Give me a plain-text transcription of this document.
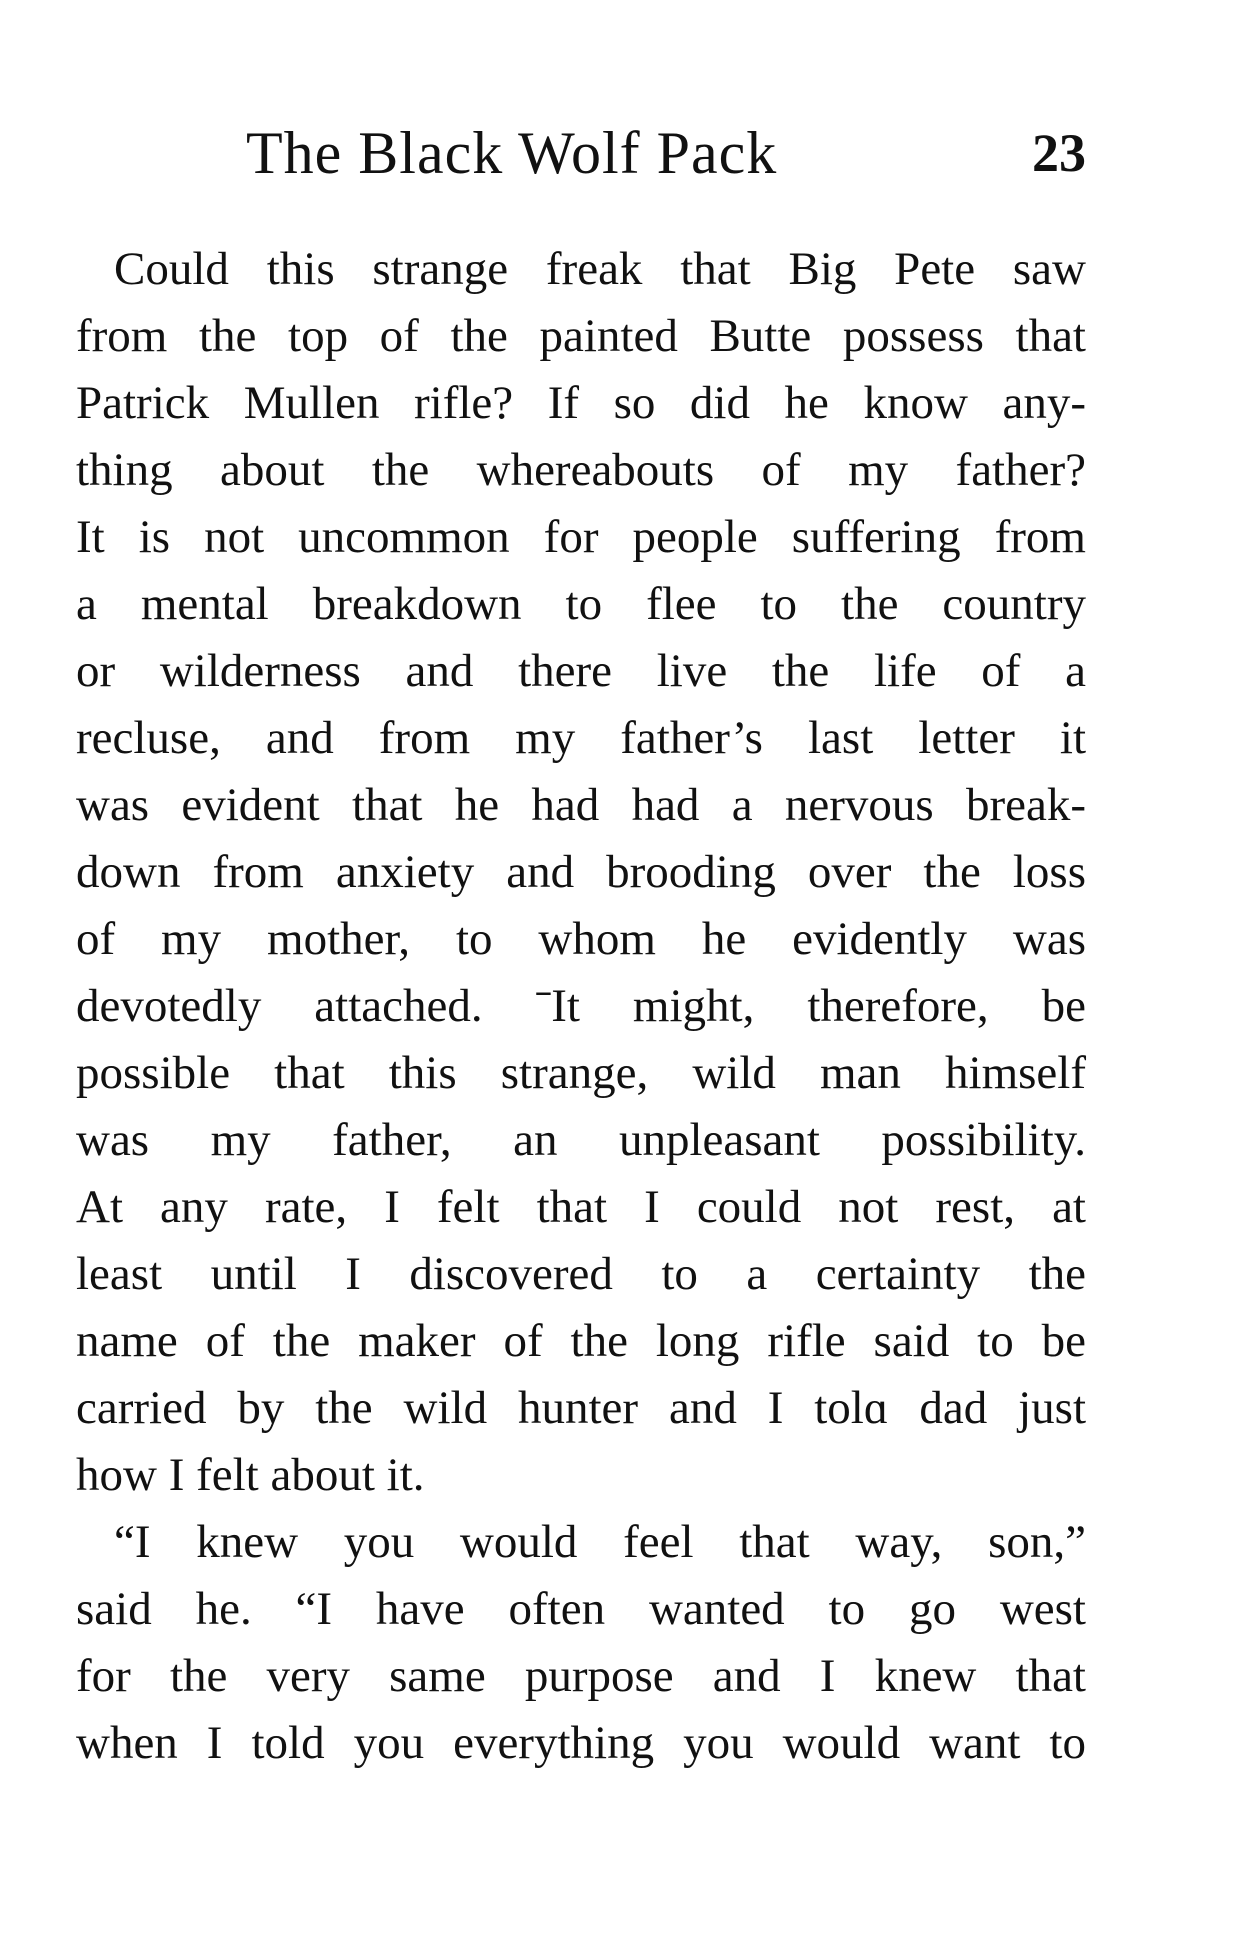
The Black Wolf Pack	23
Could this strange freak that Big Pete saw
from the top of the painted Butte possess that
Patrick Mullen rifle? If so did he know any-
thing about the whereabouts of my father?
It is not uncommon for people suffering from
a mental breakdown to flee to the country
or wilderness and there live the life of a
recluse, and from my father’s last letter it
was evident that he had had a nervous break-
down from anxiety and brooding over the loss
of my mother, to whom he evidently was
devotedly attached. ˉIt might, therefore, be
possible that this strange, wild man himself
was my father, an unpleasant possibility.
At any rate, I felt that I could not rest, at
least until I discovered to a certainty the
name of the maker of the long rifle said to be
carried by the wild hunter and I tolɑ dad just
how I felt about it.
“I knew you would feel that way, son,”
said he. “I have often wanted to go west
for the very same purpose and I knew that
when I told you everything you would want to
